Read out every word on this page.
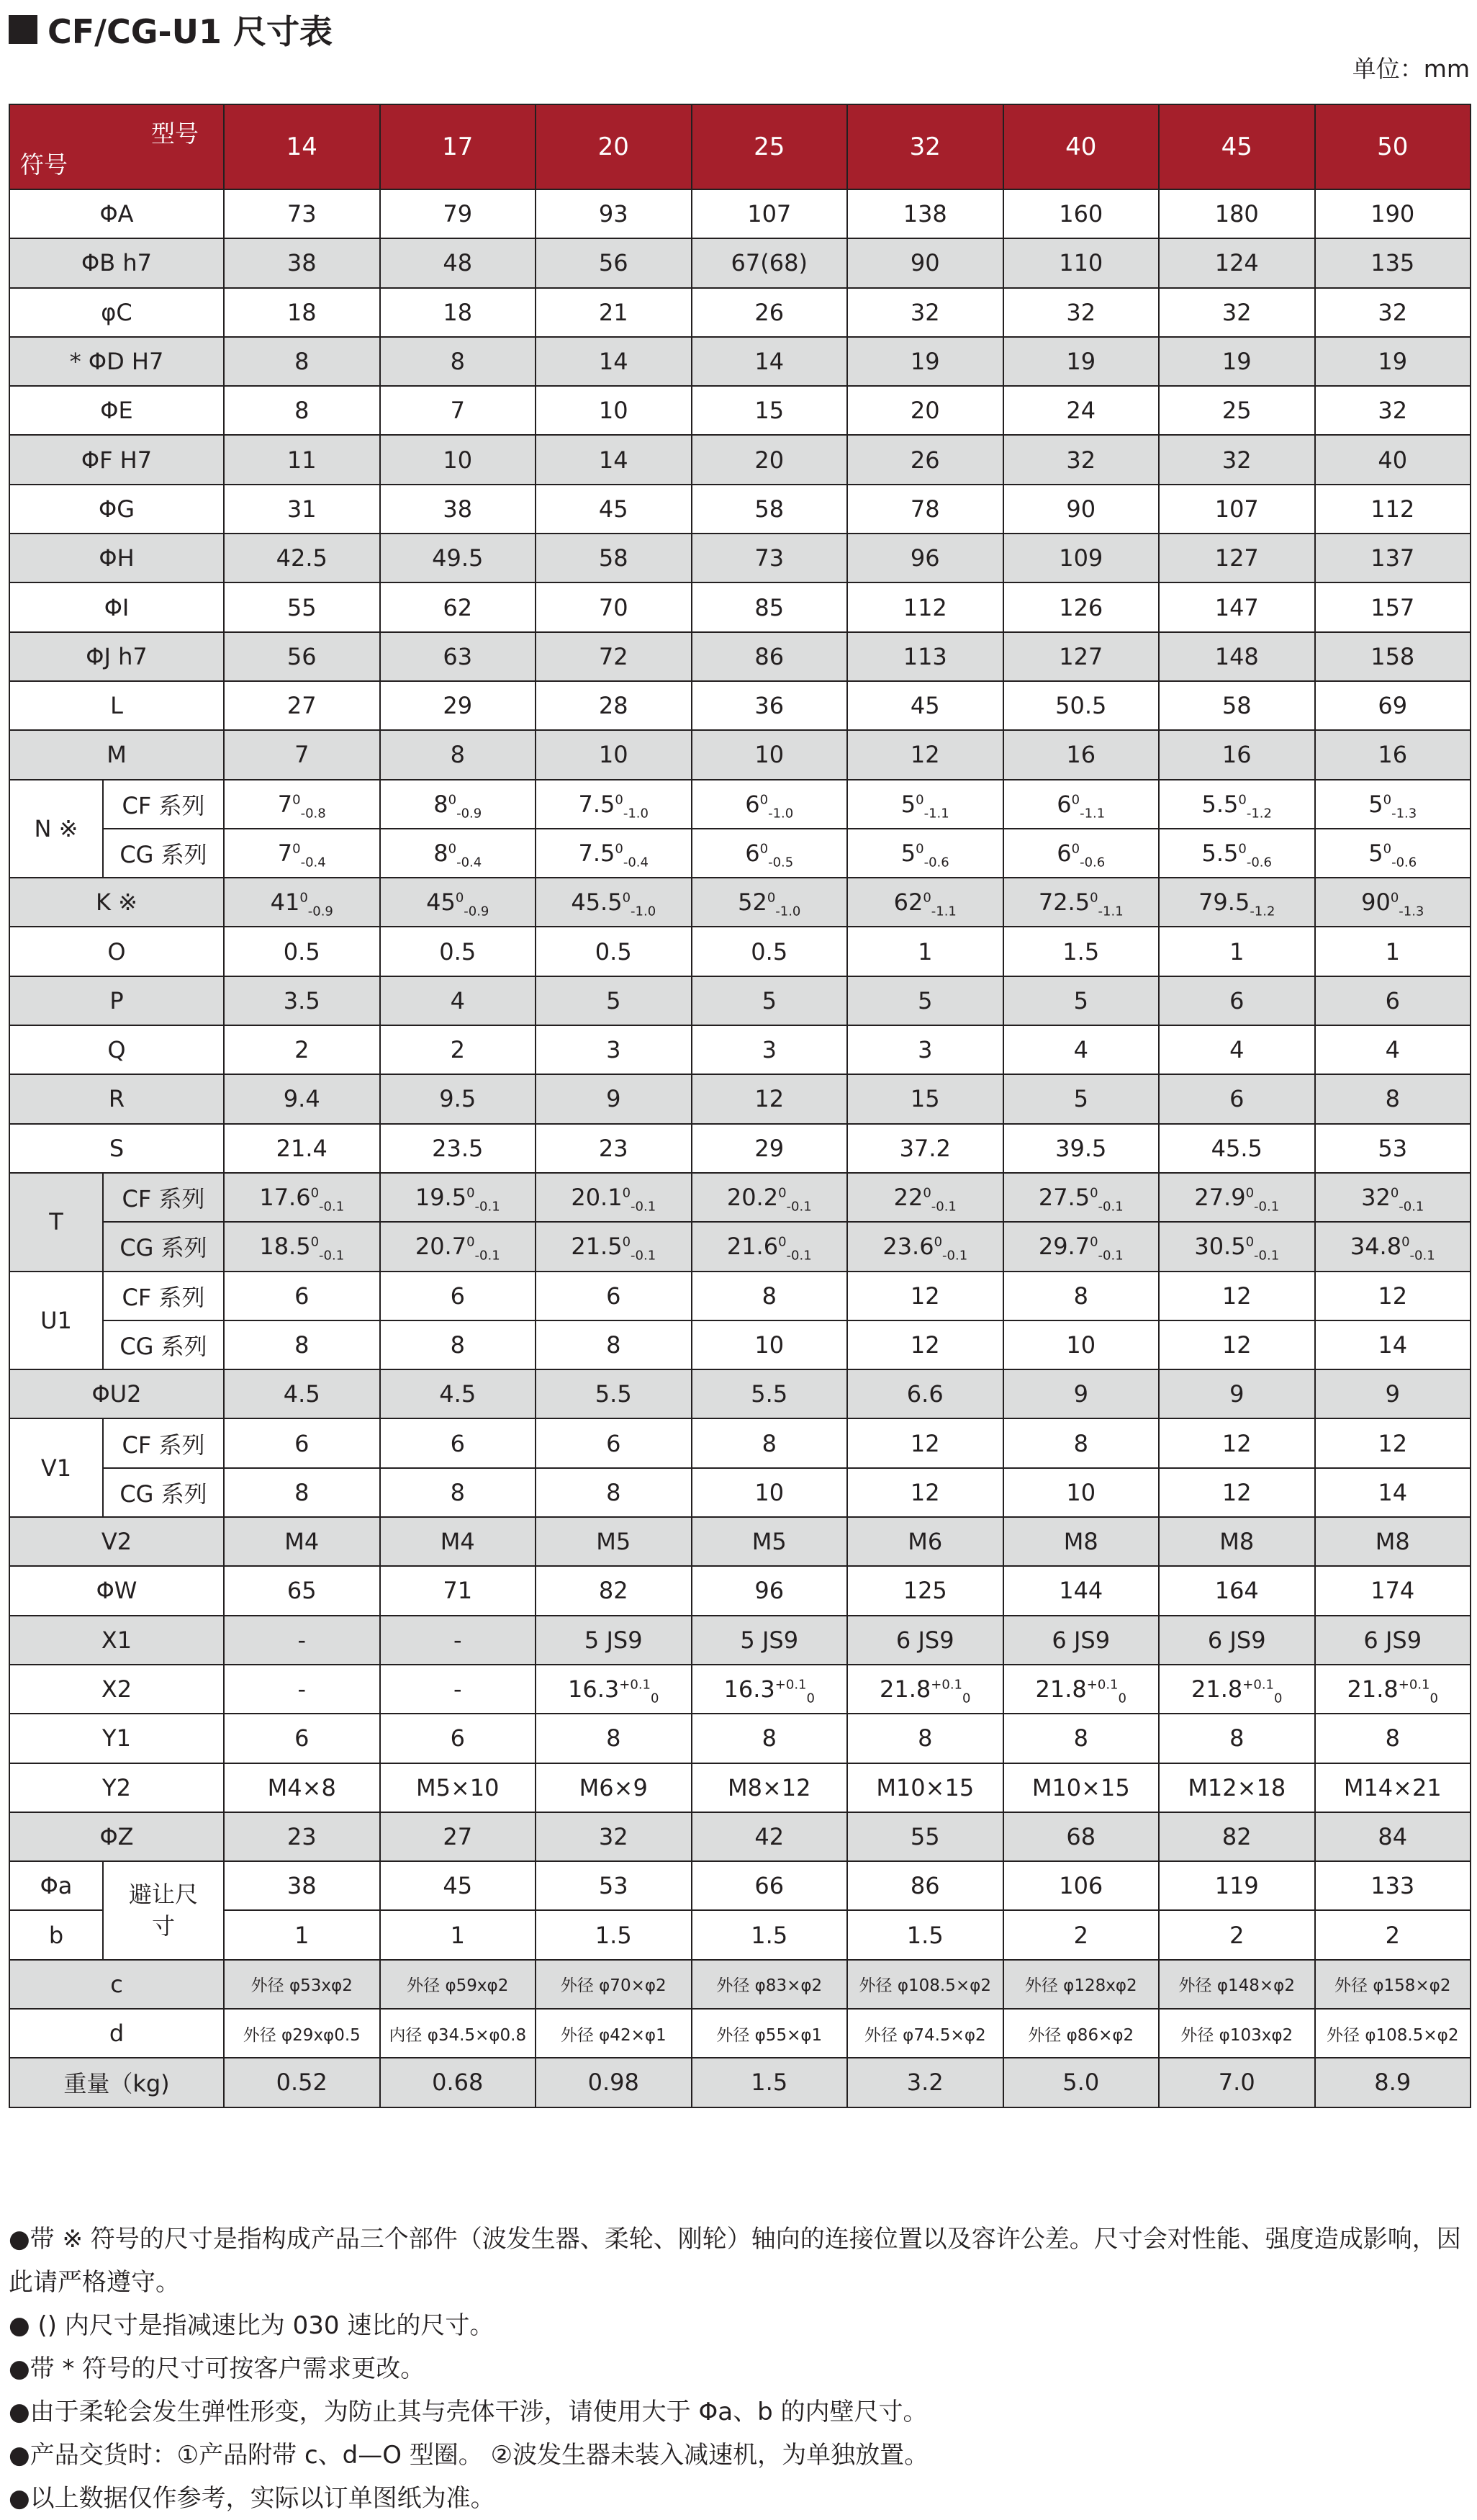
CF/CG-U1 尺寸表
单位：mm
型号
符号		14	17	20	25	32	40	45	50
ΦA		73	79	93	107	138	160	180	190
ΦB h7		38	48	56	67(68)	90	110	124	135
φC		18	18	21	26	32	32	32	32
* ΦD H7		8	8	14	14	19	19	19	19
ΦE		8	7	10	15	20	24	25	32
ΦF H7		11	10	14	20	26	32	32	40
ΦG		31	38	45	58	78	90	107	112
ΦH		42.5	49.5	58	73	96	109	127	137
ΦI		55	62	70	85	112	126	147	157
ΦJ h7		56	63	72	86	113	127	148	158
L		27	29	28	36	45	50.5	58	69
M		7	8	10	10	12	16	16	16
N ※	CF 系列	$7^0_{-0.8}$	$8^0_{-0.9}$	$7.5^0_{-1.0}$	$6^0_{-1.0}$	$5^0_{-1.1}$	$6^0_{-1.1}$	$5.5^0_{-1.2}$	$5^0_{-1.3}$
	CG 系列	$7^0_{-0.4}$	$8^0_{-0.4}$	$7.5^0_{-0.4}$	$6^0_{-0.5}$	$5^0_{-0.6}$	$6^0_{-0.6}$	$5.5^0_{-0.6}$	$5^0_{-0.6}$
K ※		$41^0_{-0.9}$	$45^0_{-0.9}$	$45.5^0_{-1.0}$	$52^0_{-1.0}$	$62^0_{-1.1}$	$72.5^0_{-1.1}$	$79.5_{-1.2}$	$90^0_{-1.3}$
O		0.5	0.5	0.5	0.5	1	1.5	1	1
P		3.5	4	5	5	5	5	6	6
Q		2	2	3	3	3	4	4	4
R		9.4	9.5	9	12	15	5	6	8
S		21.4	23.5	23	29	37.2	39.5	45.5	53
T	CF 系列	$17.6^0_{-0.1}$	$19.5^0_{-0.1}$	$20.1^0_{-0.1}$	$20.2^0_{-0.1}$	$22^0_{-0.1}$	$27.5^0_{-0.1}$	$27.9^0_{-0.1}$	$32^0_{-0.1}$
	CG 系列	$18.5^0_{-0.1}$	$20.7^0_{-0.1}$	$21.5^0_{-0.1}$	$21.6^0_{-0.1}$	$23.6^0_{-0.1}$	$29.7^0_{-0.1}$	$30.5^0_{-0.1}$	$34.8^0_{-0.1}$
U1	CF 系列	6	6	6	8	12	8	12	12
	CG 系列	8	8	8	10	12	10	12	14
ΦU2		4.5	4.5	5.5	5.5	6.6	9	9	9
V1	CF 系列	6	6	6	8	12	8	12	12
	CG 系列	8	8	8	10	12	10	12	14
V2		M4	M4	M5	M5	M6	M8	M8	M8
ΦW		65	71	82	96	125	144	164	174
X1		-	-	5 JS9	5 JS9	6 JS9	6 JS9	6 JS9	6 JS9
X2		-	-	$16.3^{+0.1}_0$	$16.3^{+0.1}_0$	$21.8^{+0.1}_0$	$21.8^{+0.1}_0$	$21.8^{+0.1}_0$	$21.8^{+0.1}_0$
Y1		6	6	8	8	8	8	8	8
Y2		M4×8	M5×10	M6×9	M8×12	M10×15	M10×15	M12×18	M14×21
ΦZ		23	27	32	42	55	68	82	84
Φa	避让尺寸	38	45	53	66	86	106	119	133
b		1	1	1.5	1.5	1.5	2	2	2
c		外径 φ53xφ2	外径 φ59xφ2	外径 φ70×φ2	外径 φ83×φ2	外径 φ108.5×φ2	外径 φ128xφ2	外径 φ148×φ2	外径 φ158×φ2
d		外径 φ29xφ0.5	内径 φ34.5×φ0.8	外径 φ42×φ1	外径 φ55×φ1	外径 φ74.5×φ2	外径 φ86×φ2	外径 φ103xφ2	外径 φ108.5×φ2
重量（kg)		0.52	0.68	0.98	1.5	3.2	5.0	7.0	8.9

●带 ※ 符号的尺寸是指构成产品三个部件（波发生器、柔轮、刚轮）轴向的连接位置以及容许公差。尺寸会对性能、强度造成影响，因此请严格遵守。

● () 内尺寸是指减速比为 030 速比的尺寸。

●带 * 符号的尺寸可按客户需求更改。

●由于柔轮会发生弹性形变，为防止其与壳体干涉，请使用大于 Φa、b 的内壁尺寸。

●产品交货时：①产品附带 c、d—O 型圈。 ②波发生器未装入减速机，为单独放置。

●以上数据仅作参考，实际以订单图纸为准。
